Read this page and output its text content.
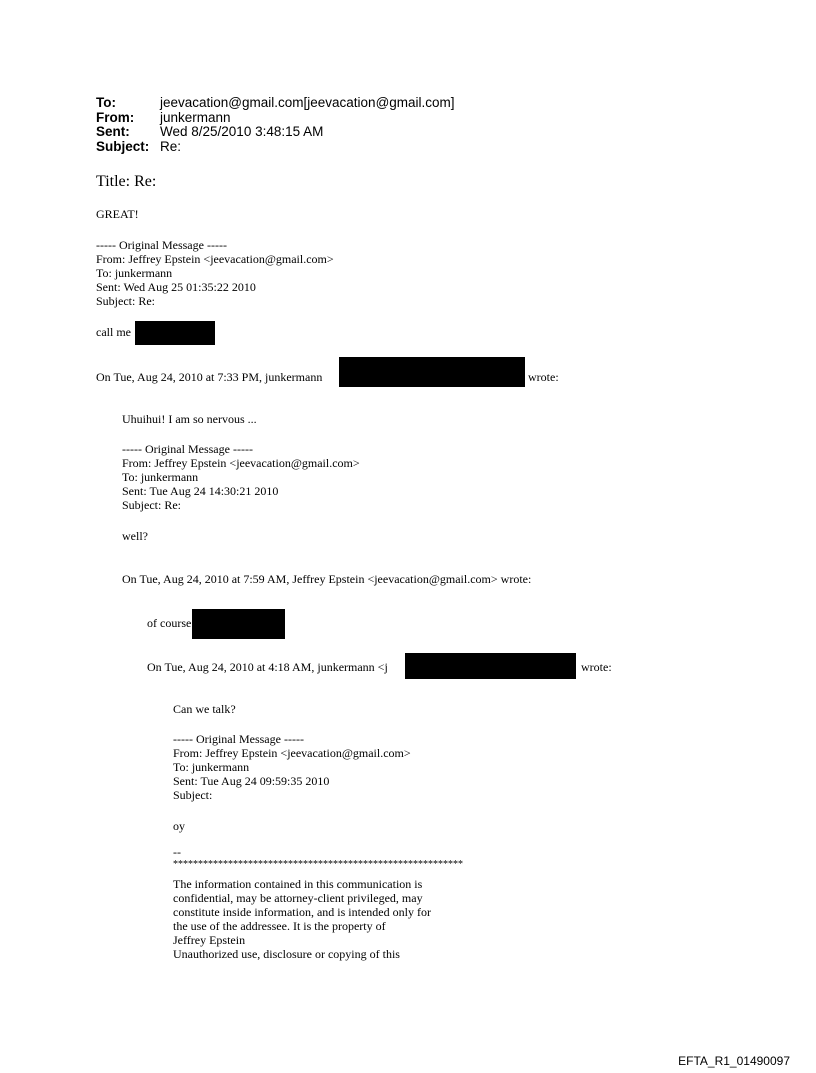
To:	jeevacation@gmail.com[jeevacation@gmail.com]
From:	junkermann
Sent:	Wed 8/25/2010 3:48:15 AM
Subject: Re:
Title: Re:
GREAT!
----- Original Message -----
From: Jeffrey Epstein <jeevacation@gmail.com>
To: junkermann
Sent: Wed Aug 25 01:35:22 2010
Subject: Re:
call me
On Tue, Aug 24, 2010 at 7:33 PM, junkermann	wrote:
Uhuihui! I am so nervous ...
----- Original Message -----
From: Jeffrey Epstein <jeevacation@gmail.com>
To: junkermann
Sent: Tue Aug 24 14:30:21 2010
Subject: Re:
well?
On Tue, Aug 24, 2010 at 7:59 AM, Jeffrey Epstein <jeevacation@gmail.com> wrote:
of course
On Tue, Aug 24, 2010 at 4:18 AM, junkermann <j	wrote:
Can we talk?
----- Original Message -----
From: Jeffrey Epstein <jeevacation@gmail.com>
To: junkermann
Sent: Tue Aug 24 09:59:35 2010
Subject:
oy
--
**********************************************************
The information contained in this communication is
confidential, may be attorney-client privileged, may
constitute inside information, and is intended only for
the use of the addressee. It is the property of
Jeffrey Epstein
Unauthorized use, disclosure or copying of this
EFTA_R1_01490097
